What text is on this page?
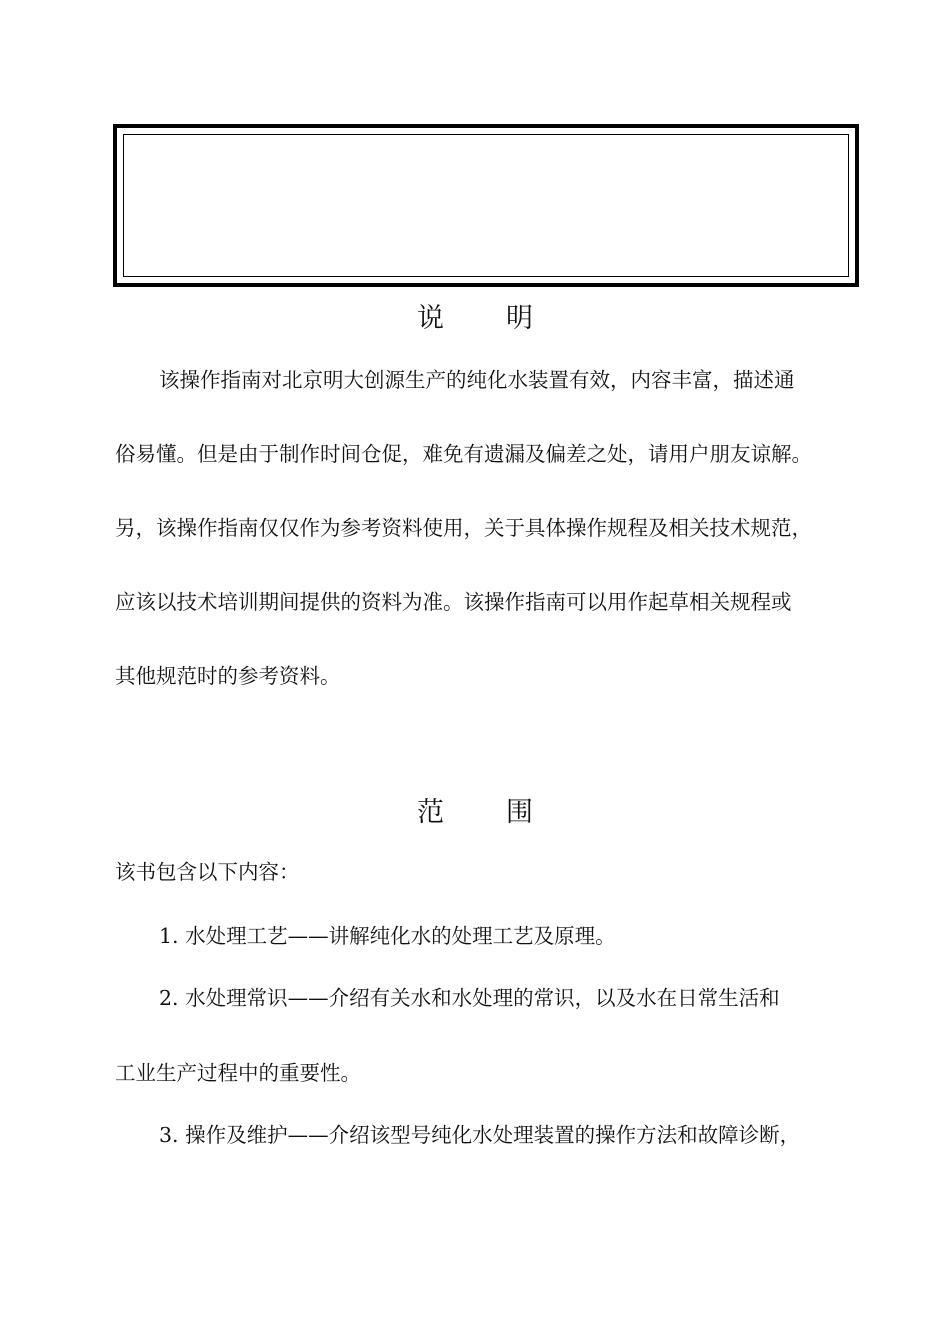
说 明
该操作指南对北京明大创源生产的纯化水装置有效，内容丰富，描述通
俗易懂。但是由于制作时间仓促，难免有遗漏及偏差之处，请用户朋友谅解。
另，该操作指南仅仅作为参考资料使用，关于具体操作规程及相关技术规范，
应该以技术培训期间提供的资料为准。该操作指南可以用作起草相关规程或
其他规范时的参考资料。
范 围
该书包含以下内容：
1. 水处理工艺——讲解纯化水的处理工艺及原理。
2. 水处理常识——介绍有关水和水处理的常识，以及水在日常生活和
工业生产过程中的重要性。
3. 操作及维护——介绍该型号纯化水处理装置的操作方法和故障诊断，
